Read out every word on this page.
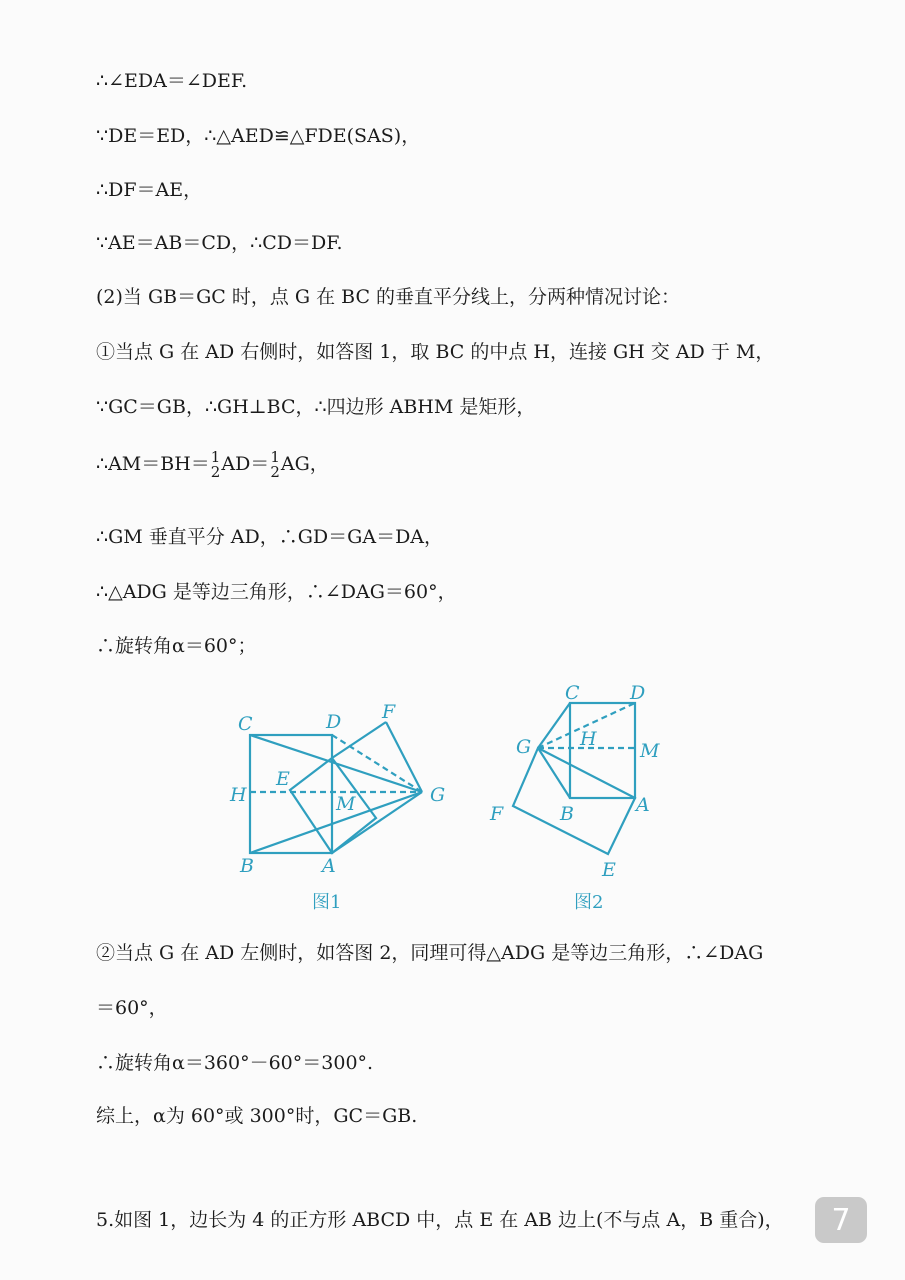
∴∠EDA＝∠DEF.
∵DE＝ED，∴△AED≌△FDE(SAS)，
∴DF＝AE，
∵AE＝AB＝CD，∴CD＝DF.
(2)当 GB＝GC 时，点 G 在 BC 的垂直平分线上，分两种情况讨论：
①当点 G 在 AD 右侧时，如答图 1，取 BC 的中点 H，连接 GH 交 AD 于 M，
∵GC＝GB，∴GH⊥BC，∴四边形 ABHM 是矩形，
∴AM＝BH＝ 1
2 AD＝ 1
2 AG，
∴GM 垂直平分 AD，∴GD＝GA＝DA，
∴△ADG 是等边三角形，∴∠DAG＝60°，
∴旋转角α＝60°；
C	D F
E
H	M	G
B	A
C	D
G	H
M
F	B	A
E
图1	图2
②当点 G 在 AD 左侧时，如答图 2，同理可得△ADG 是等边三角形，∴∠DAG
＝60°，
∴旋转角α＝360°－60°＝300°.
综上，α为 60°或 300°时，GC＝GB.
5.如图 1，边长为 4 的正方形 ABCD 中，点 E 在 AB 边上(不与点 A，B 重合)，	7
